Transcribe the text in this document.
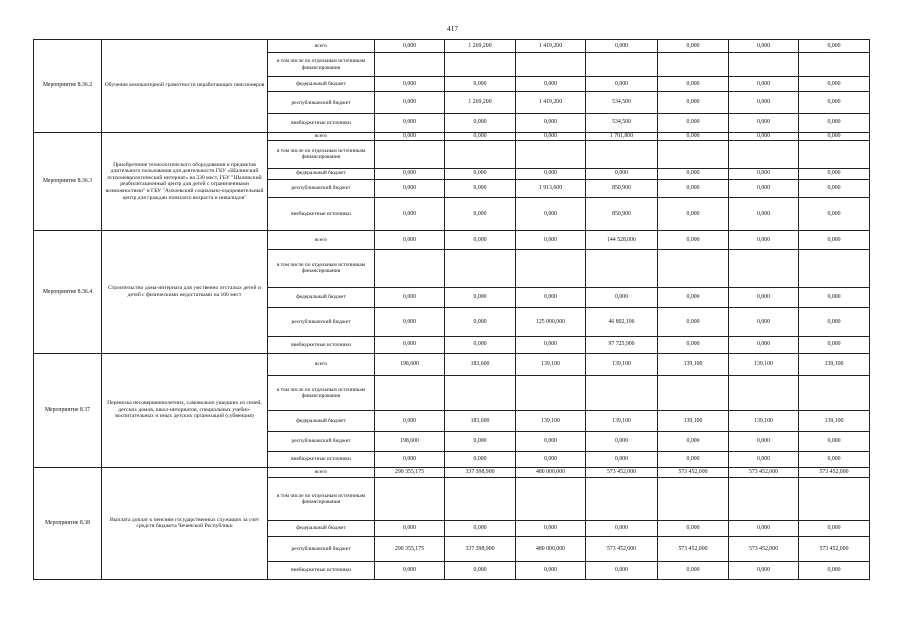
417
Мероприятие 8.36.2	Обучение компьютерной грамотности неработающих пенсионеров	всего	0,000	1 269,200	1 419,200	0,000	0,000	0,000	0,000
		в том числе по отдельным источникам финансирования							
		федеральный бюджет	0,000	0,000	0,000	0,000	0,000	0,000	0,000
		республиканский бюджет	0,000	1 269,200	1 419,200	534,500	0,000	0,000	0,000
		внебюджетные источники	0,000	0,000	0,000	534,500	0,000	0,000	0,000
Мероприятие 8.36.3	Приобретение технологического оборудования и предметов длительного пользования для деятельности ГБУ «Шалинский психоневрологический интернат» на 330 мест, ГБУ "Шалинский реабилитационный центр для детей с ограниченными возможностями" и ГБУ "Ачхоевский социально-оздоровительный центр для граждан пожилого возраста и инвалидов"	всего	0,000	0,000	0,000	1 701,800	0,000	0,000	0,000
		в том числе по отдельным источникам финансирования							
		федеральный бюджет	0,000	0,000	0,000	0,000	0,000	0,000	0,000
		республиканский бюджет	0,000	0,000	1 913,600	850,900	0,000	0,000	0,000
		внебюджетные источники	0,000	0,000	0,000	850,900	0,000	0,000	0,000
Мероприятие 8.36.4	Строительство дома-интерната для умственно отсталых детей и детей с физическими недостатками на 100 мест	всего	0,000	0,000	0,000	144 528,006	0,000	0,000	0,000
		в том числе по отдельным источникам финансирования							
		федеральный бюджет	0,000	0,000	0,000	0,000	0,000	0,000	0,000
		республиканский бюджет	0,000	0,000	125 000,000	46 802,106	0,000	0,000	0,000
		внебюджетные источники	0,000	0,000	0,000	97 725,900	0,000	0,000	0,000
Мероприятие 8.37	Перевозка несовершеннолетних, самовольно ушедших из семей, детских домов, школ-интернатов, специальных учебно-воспитательных и иных детских организаций (субвенция)	всего	198,600	183,600	139,100	139,100	139,100	139,100	139,100
		в том числе по отдельным источникам финансирования							
		федеральный бюджет	0,000	183,600	139,100	139,100	139,100	139,100	139,100
		республиканский бюджет	198,600	0,000	0,000	0,000	0,000	0,000	0,000
		внебюджетные источники	0,000	0,000	0,000	0,000	0,000	0,000	0,000
Мероприятие 8.38	Выплата доплат к пенсиям государственных служащих за счет средств бюджета Чеченской Республики	всего	290 355,175	337 398,900	480 000,000	573 452,000	573 452,000	573 452,000	573 452,000
		в том числе по отдельным источникам финансирования							
		федеральный бюджет	0,000	0,000	0,000	0,000	0,000	0,000	0,000
		республиканский бюджет	290 355,175	337 398,900	480 000,000	573 452,000	573 452,000	573 452,000	573 452,000
		внебюджетные источники	0,000	0,000	0,000	0,000	0,000	0,000	0,000
